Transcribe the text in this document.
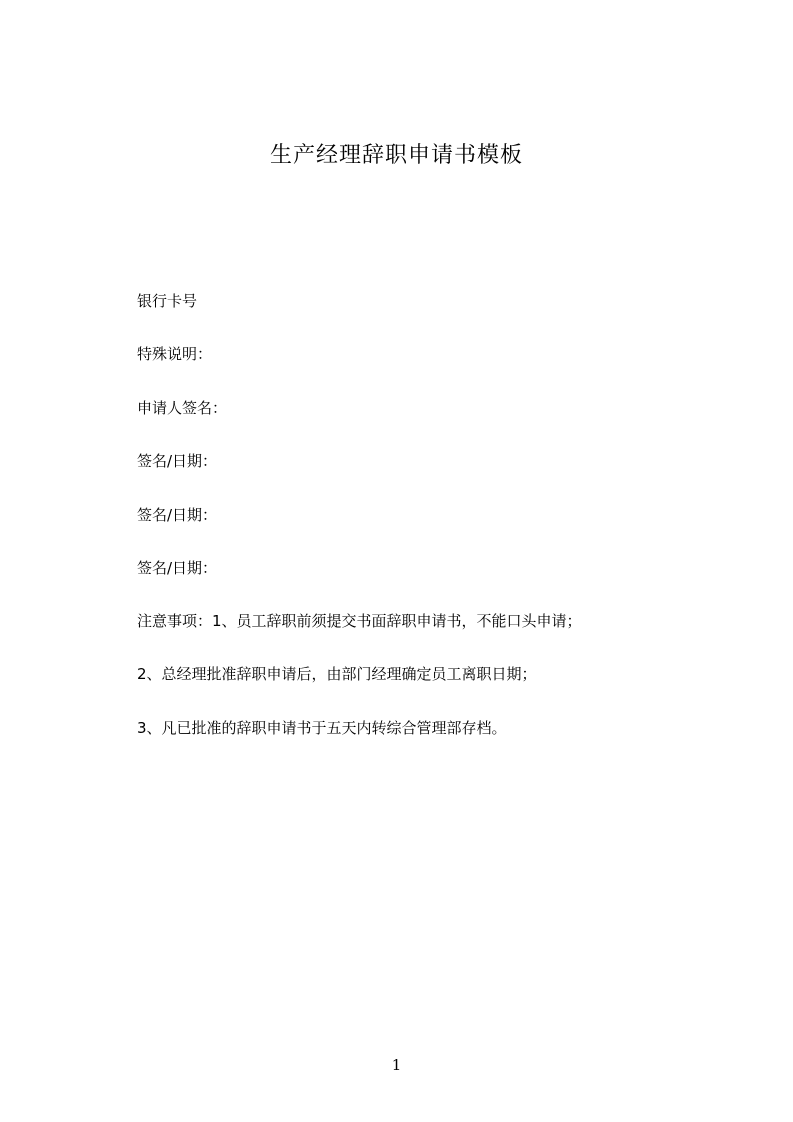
生产经理辞职申请书模板
银行卡号
特殊说明：
申请人签名：
签名/日期：
签名/日期：
签名/日期：
注意事项：1、员工辞职前须提交书面辞职申请书，不能口头申请；
2、总经理批准辞职申请后，由部门经理确定员工离职日期；
3、凡已批准的辞职申请书于五天内转综合管理部存档。
1
